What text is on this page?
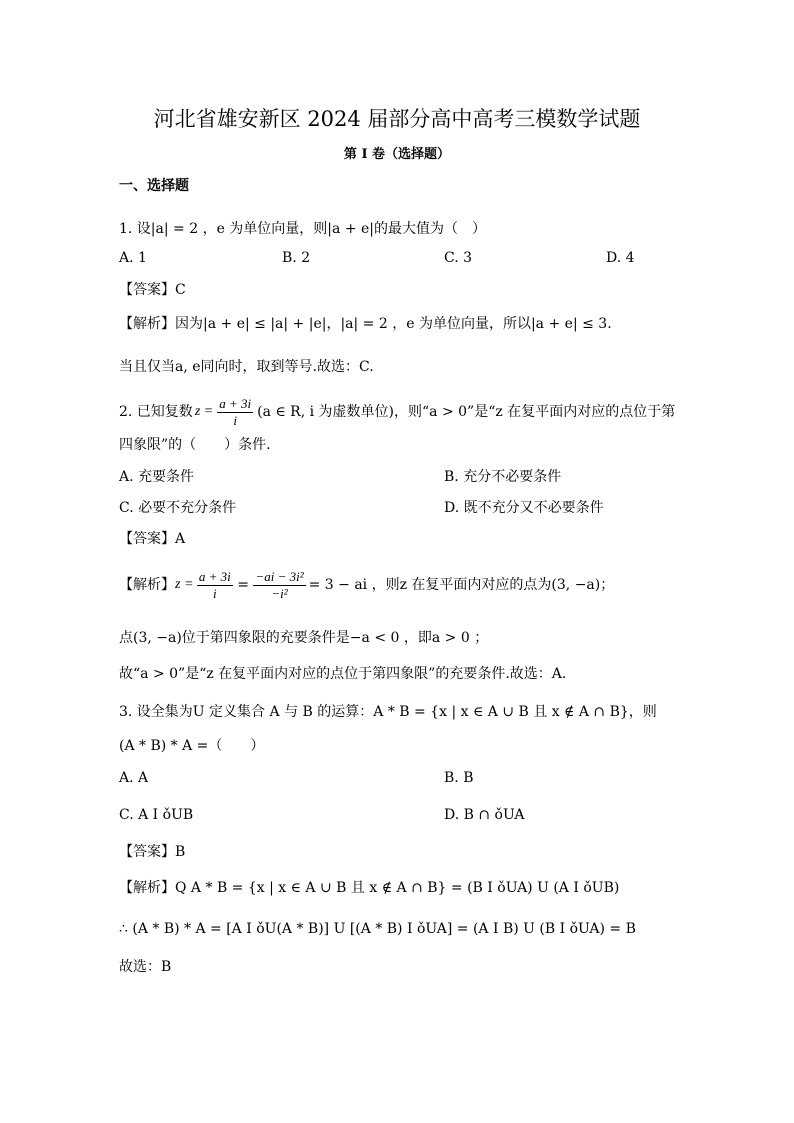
河北省雄安新区 2024 届部分高中高考三模数学试题
第 I 卷（选择题）
一、选择题
1. 设|a| = 2 ，e 为单位向量，则|a + e|的最大值为（　）
A. 1	B. 2	C. 3	D. 4
【答案】C
【解析】因为|a + e| ≤ |a| + |e|，|a| = 2 ，e 为单位向量，所以|a + e| ≤ 3.
当且仅当a, e同向时，取到等号.故选：C.
2. 已知复数 $z = \frac{a + 3i}{i} (a$ ∈ R, i 为虚数单位)，则“a > 0”是“z 在复平面内对应的点位于第
四象限”的（　　）条件.
A. 充要条件	B. 充分不必要条件
C. 必要不充分条件	D. 既不充分又不必要条件
【答案】A
【解析】 $z = \frac{a + 3i}{i} = \frac{\text{−ai − 3i²}}{\text{−i²}} = 3$ − ai ，则z 在复平面内对应的点为(3, −a)；
点(3, −a)位于第四象限的充要条件是−a < 0 ，即a > 0 ；
故“a > 0”是“z 在复平面内对应的点位于第四象限”的充要条件.故选：A.
3. 设全集为U 定义集合 A 与 B 的运算：A * B = {x | x ∈ A ∪ B 且 x ∉ A ∩ B}，则
(A * B) * A =（　　）
A. A	B. B
C. A I ǒUB	D. B ∩ ǒUA
【答案】B
【解析】Q A * B = {x | x ∈ A ∪ B 且 x ∉ A ∩ B} = (B I ǒUA) U (A I ǒUB)
∴ (A * B) * A = [A I ǒU(A * B)] U [(A * B) I ǒUA] = (A I B) U (B I ǒUA) = B
故选：B
